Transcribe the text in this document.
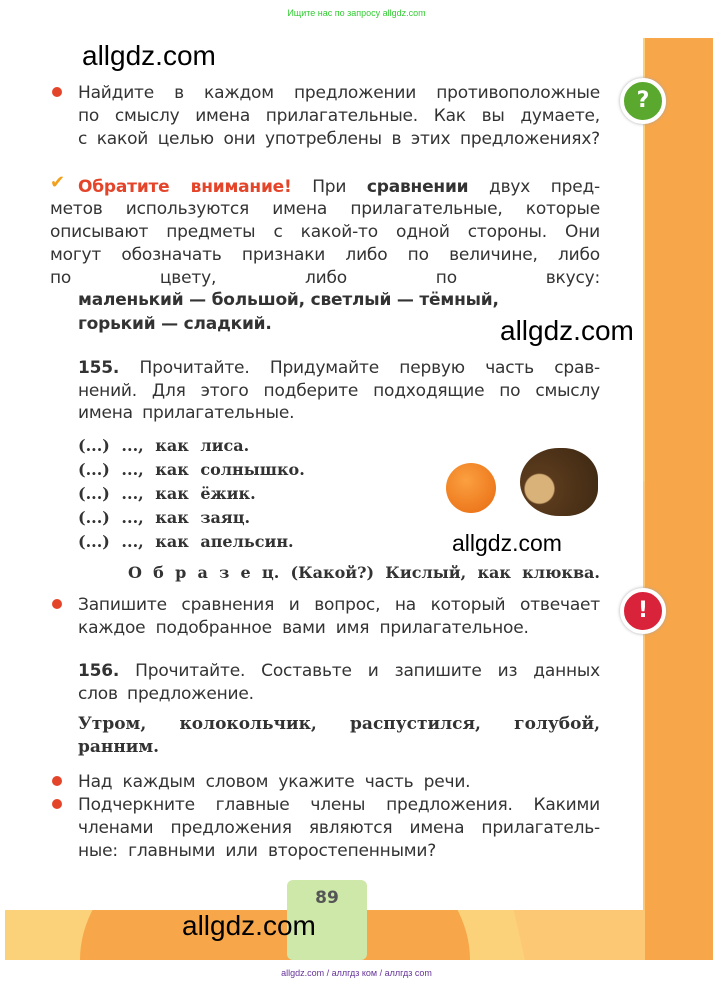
Ищите нас по запросу allgdz.com
allgdz.com
?
Найдите в каждом предложении противоположные
по смыслу имена прилагательные. Как вы думаете,
с какой целью они употреблены в этих предложениях?
✔ Обратите внимание! При сравнении двух пред-
метов используются имена прилагательные, которые
описывают предметы с какой-то одной стороны. Они
могут обозначать признаки либо по величине, либо
по цвету, либо по вкусу:
маленький — большой, светлый — тёмный,
горький — сладкий.	allgdz.com
155. Прочитайте. Придумайте первую часть срав-
нений. Для этого подберите подходящие по смыслу
имена прилагательные.
(...) ..., как лиса.
(...) ..., как солнышко.
(...) ..., как ёжик.
(...) ..., как заяц.
(...) ..., как апельсин.	allgdz.com
О б р а з е ц. (Какой?) Кислый, как клюква.
!
Запишите сравнения и вопрос, на который отвечает
каждое подобранное вами имя прилагательное.
156. Прочитайте. Составьте и запишите из данных
слов предложение.
Утром, колокольчик, распустился, голубой,
ранним.
Над каждым словом укажите часть речи.
Подчеркните главные члены предложения. Какими
членами предложения являются имена прилагатель-
ные: главными или второстепенными?
89
allgdz.com
allgdz.com / аллгдз ком / аллгдз com
